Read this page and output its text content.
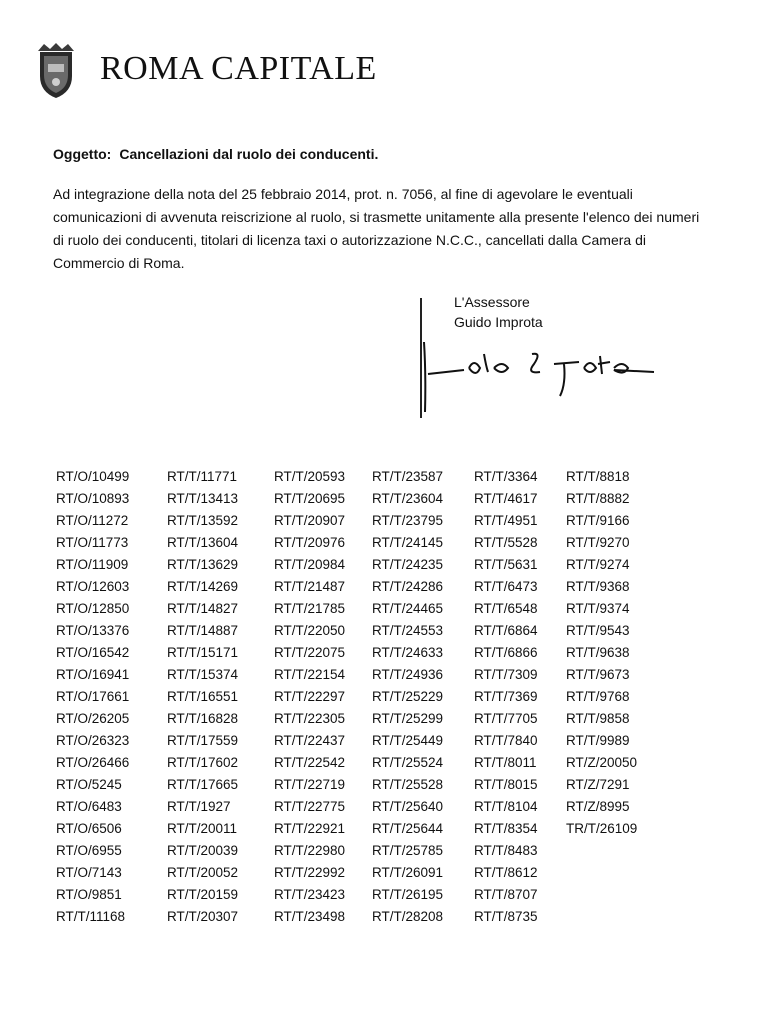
ROMA CAPITALE
Oggetto: Cancellazioni dal ruolo dei conducenti.

Ad integrazione della nota del 25 febbraio 2014, prot. n. 7056, al fine di agevolare le eventuali comunicazioni di avvenuta reiscrizione al ruolo, si trasmette unitamente alla presente l'elenco dei numeri di ruolo dei conducenti, titolari di licenza taxi o autorizzazione N.C.C., cancellati dalla Camera di Commercio di Roma.

L'Assessore
Guido Improta
RT/O/10499
RT/O/10893
RT/O/11272
RT/O/11773
RT/O/11909
RT/O/12603
RT/O/12850
RT/O/13376
RT/O/16542
RT/O/16941
RT/O/17661
RT/O/26205
RT/O/26323
RT/O/26466
RT/O/5245
RT/O/6483
RT/O/6506
RT/O/6955
RT/O/7143
RT/O/9851
RT/T/11168
RT/T/11771
RT/T/13413
RT/T/13592
RT/T/13604
RT/T/13629
RT/T/14269
RT/T/14827
RT/T/14887
RT/T/15171
RT/T/15374
RT/T/16551
RT/T/16828
RT/T/17559
RT/T/17602
RT/T/17665
RT/T/1927
RT/T/20011
RT/T/20039
RT/T/20052
RT/T/20159
RT/T/20307
RT/T/20593
RT/T/20695
RT/T/20907
RT/T/20976
RT/T/20984
RT/T/21487
RT/T/21785
RT/T/22050
RT/T/22075
RT/T/22154
RT/T/22297
RT/T/22305
RT/T/22437
RT/T/22542
RT/T/22719
RT/T/22775
RT/T/22921
RT/T/22980
RT/T/22992
RT/T/23423
RT/T/23498
RT/T/23587
RT/T/23604
RT/T/23795
RT/T/24145
RT/T/24235
RT/T/24286
RT/T/24465
RT/T/24553
RT/T/24633
RT/T/24936
RT/T/25229
RT/T/25299
RT/T/25449
RT/T/25524
RT/T/25528
RT/T/25640
RT/T/25644
RT/T/25785
RT/T/26091
RT/T/26195
RT/T/28208
RT/T/3364
RT/T/4617
RT/T/4951
RT/T/5528
RT/T/5631
RT/T/6473
RT/T/6548
RT/T/6864
RT/T/6866
RT/T/7309
RT/T/7369
RT/T/7705
RT/T/7840
RT/T/8011
RT/T/8015
RT/T/8104
RT/T/8354
RT/T/8483
RT/T/8612
RT/T/8707
RT/T/8735
RT/T/8818
RT/T/8882
RT/T/9166
RT/T/9270
RT/T/9274
RT/T/9368
RT/T/9374
RT/T/9543
RT/T/9638
RT/T/9673
RT/T/9768
RT/T/9858
RT/T/9989
RT/Z/20050
RT/Z/7291
RT/Z/8995
TR/T/26109
